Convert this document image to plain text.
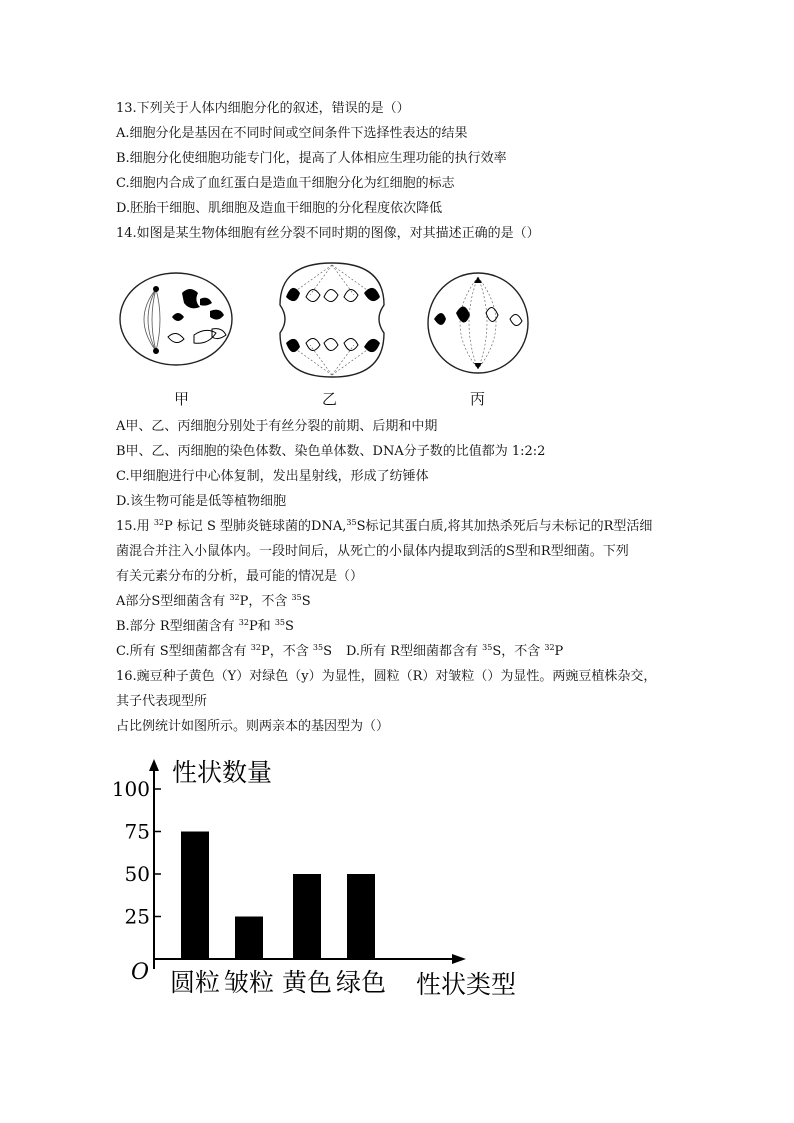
13.下列关于人体内细胞分化的叙述，错误的是（）
A.细胞分化是基因在不同时间或空间条件下选择性表达的结果
B.细胞分化使细胞功能专门化，提高了人体相应生理功能的执行效率
C.细胞内合成了血红蛋白是造血干细胞分化为红细胞的标志
D.胚胎干细胞、肌细胞及造血干细胞的分化程度依次降低
14.如图是某生物体细胞有丝分裂不同时期的图像，对其描述正确的是（）
甲	乙	丙
A甲、乙、丙细胞分别处于有丝分裂的前期、后期和中期
B甲、乙、丙细胞的染色体数、染色单体数、DNA分子数的比值都为 1:2:2
C.甲细胞进行中心体复制，发出星射线，形成了纺锤体
D.该生物可能是低等植物细胞
15.用 $^{32}$P 标记 S 型肺炎链球菌的DNA,$^{35}$S标记其蛋白质,将其加热杀死后与未标记的R型活细
菌混合并注入小鼠体内。一段时间后，从死亡的小鼠体内提取到活的S型和R型细菌。下列
有关元素分布的分析，最可能的情况是（）
A部分S型细菌含有 $^{32}$P，不含 $^{35}$S
B.部分 R型细菌含有 $^{32}$P和 $^{35}$S
C.所有 S型细菌都含有 $^{32}$P，不含 $^{35}$S D.所有 R型细菌都含有 $^{35}$S，不含 $^{32}$P
16.豌豆种子黄色（Y）对绿色（y）为显性，圆粒（R）对皱粒（）为显性。两豌豆植株杂交，
其子代表现型所
占比例统计如图所示。则两亲本的基因型为（）
25
50
75
100
O
性状数量
性状类型
圆粒 皱粒 黄色 绿色
